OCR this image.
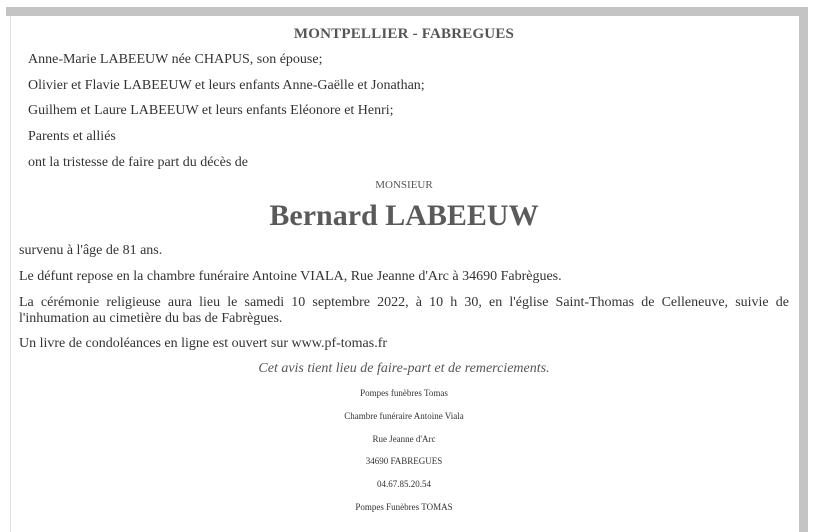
MONTPELLIER - FABREGUES
Anne-Marie LABEEUW née CHAPUS, son épouse;
Olivier et Flavie LABEEUW et leurs enfants Anne-Gaëlle et Jonathan;
Guilhem et Laure LABEEUW et leurs enfants Eléonore et Henri;
Parents et alliés
ont la tristesse de faire part du décès de
MONSIEUR
Bernard LABEEUW
survenu à l'âge de 81 ans.
Le défunt repose en la chambre funéraire Antoine VIALA, Rue Jeanne d'Arc à 34690 Fabrègues.
La cérémonie religieuse aura lieu le samedi 10 septembre 2022, à 10 h 30, en l'église Saint-Thomas de Celleneuve, suivie de l'inhumation au cimetière du bas de Fabrègues.
Un livre de condoléances en ligne est ouvert sur www.pf-tomas.fr
Cet avis tient lieu de faire-part et de remerciements.
Pompes funèbres Tomas
Chambre funéraire Antoine Viala
Rue Jeanne d'Arc
34690 FABREGUES
04.67.85.20.54
Pompes Funèbres TOMAS
